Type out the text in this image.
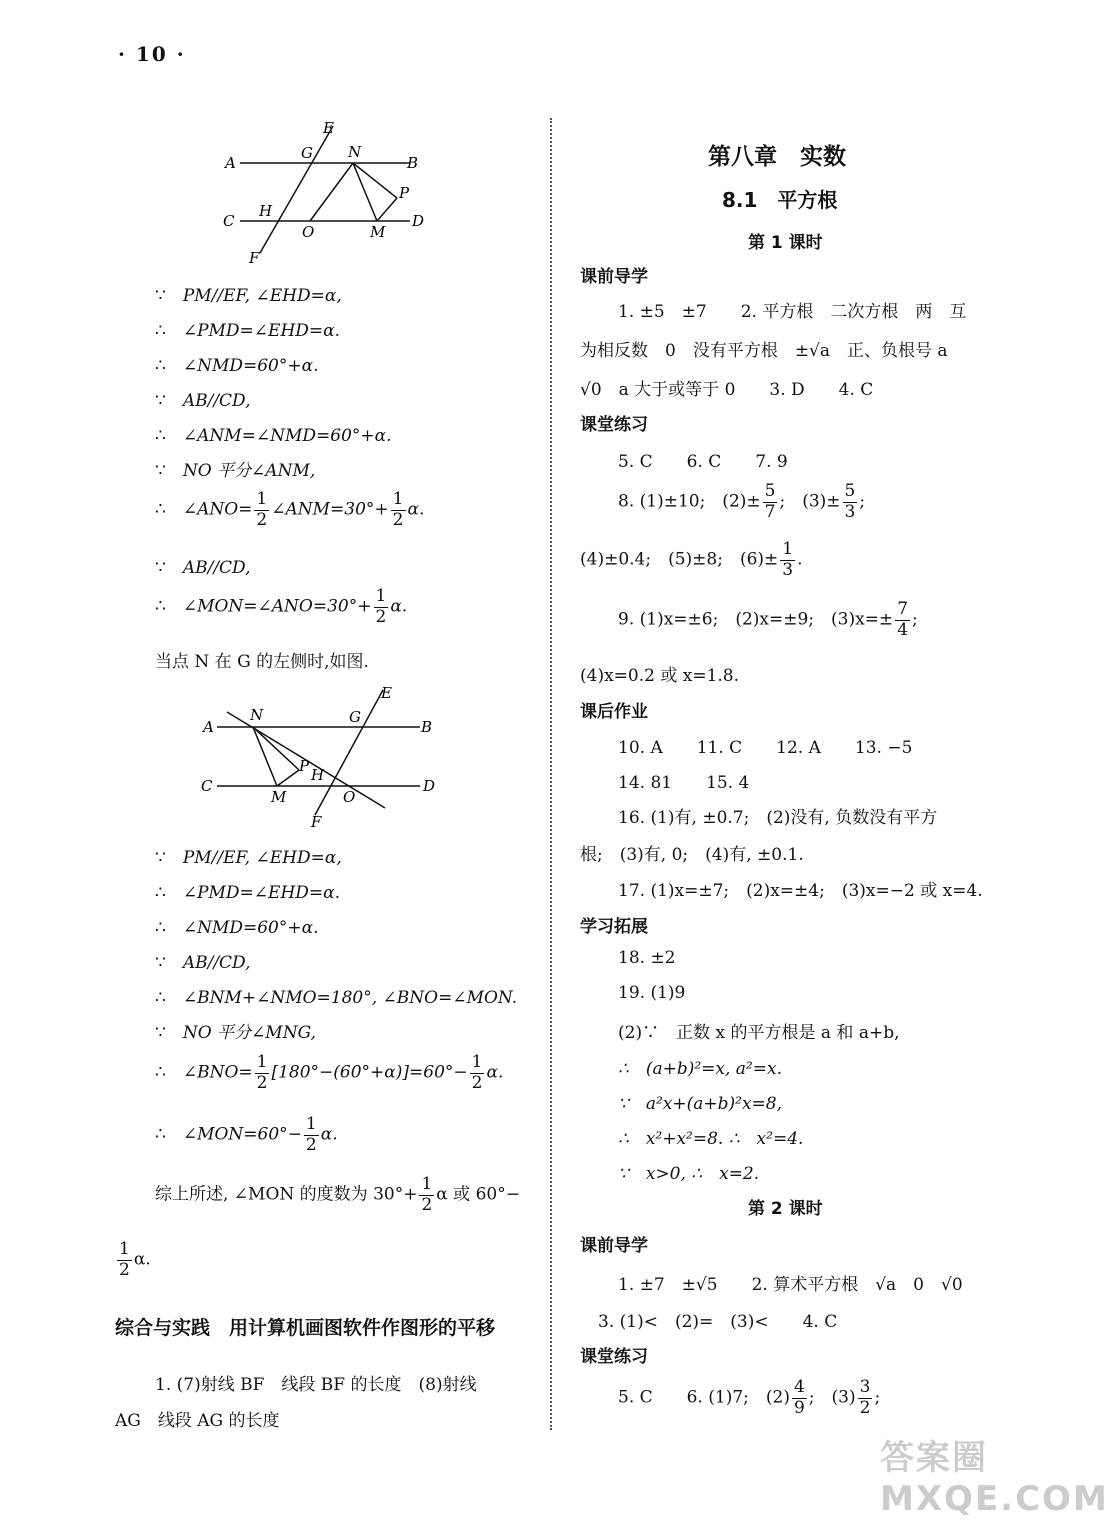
· 10 ·
A	B
C	D
E
F
G
H
N
O	M
P
∵　 PM//EF, ∠EHD=α,
∴　 ∠PMD=∠EHD=α.
∴　 ∠NMD=60°+α.
∵　 AB//CD,
∴　 ∠ANM=∠NMD=60°+α.
∵　 NO 平分∠ANM,
∴　 ∠ANO= $\frac{1}{2}$ ∠ANM=30°+ $\frac{1}{2} \alpha$.
∵　 AB//CD,
∴　 ∠MON=∠ANO=30°+ $\frac{1}{2} \alpha$.
当点 N 在 G 的左侧时,如图.
A	B
C	D
E
F
N	G
P H
M	O
∵　 PM//EF, ∠EHD=α,
∴　 ∠PMD=∠EHD=α.
∴　 ∠NMD=60°+α.
∵　 AB//CD,
∴　 ∠BNM+∠NMO=180°, ∠BNO=∠MON.
∵　 NO 平分∠MNG,
∴　 ∠BNO= $\frac{1}{2} [180^\circ-(60^\circ+\alpha)]=60^\circ- \frac{1}{2} \alpha$.
∴　 ∠MON=60°− $\frac{1}{2} \alpha$.
综上所述, ∠MON 的度数为 $30^\circ+ \frac{1}{2}$ α 或 60°−
$\frac{1}{2} \alpha$.
综合与实践　用计算机画图软件作图形的平移
1. (7)射线 BF　线段 BF 的长度　(8)射线
AG　线段 AG 的长度
第八章　实数
8.1　平方根
第 1 课时
课前导学
1. ±5　±7　　2. 平方根　二次方根　两　互
为相反数　0　没有平方根　±√a　正、负根号 a
√0　a 大于或等于 0　　3. D　　4. C
课堂练习
5. C　　6. C　　7. 9
8. (1)±10;　$(2)\pm \frac{5}{7}$ ;　$(3)\pm \frac{5}{3}$ ;
(4)±0.4;　(5)±8;　$(6)\pm \frac{1}{3}$ .
9. (1)x=±6;　(2)x=±9;　$(3)x=\pm \frac{7}{4}$ ;
(4)x=0.2 或 x=1.8.
课后作业
10. A　　11. C　　12. A　　13. −5
14. 81　　15. 4
16. (1)有, ±0.7;　(2)没有, 负数没有平方
根;　(3)有, 0;　(4)有, ±0.1.
17. (1)x=±7;　(2)x=±4;　(3)x=−2 或 x=4.
学习拓展
18. ±2
19. (1)9
(2)∵　正数 x 的平方根是 a 和 a+b,
∴　(a+b)²=x, a²=x.
∵　a²x+(a+b)²x=8,
∴　x²+x²=8. ∴　x²=4.
∵　x>0, ∴　x=2.
第 2 课时
课前导学
1. ±7　±√5　　2. 算术平方根　√a　0　√0
3. (1)<　(2)=　(3)<　　4. C
课堂练习
5. C　　6. (1)7;　$(2) \frac{4}{9}$ ;　$(3) \frac{3}{2}$ ;
答案圈 MXQE.COM
